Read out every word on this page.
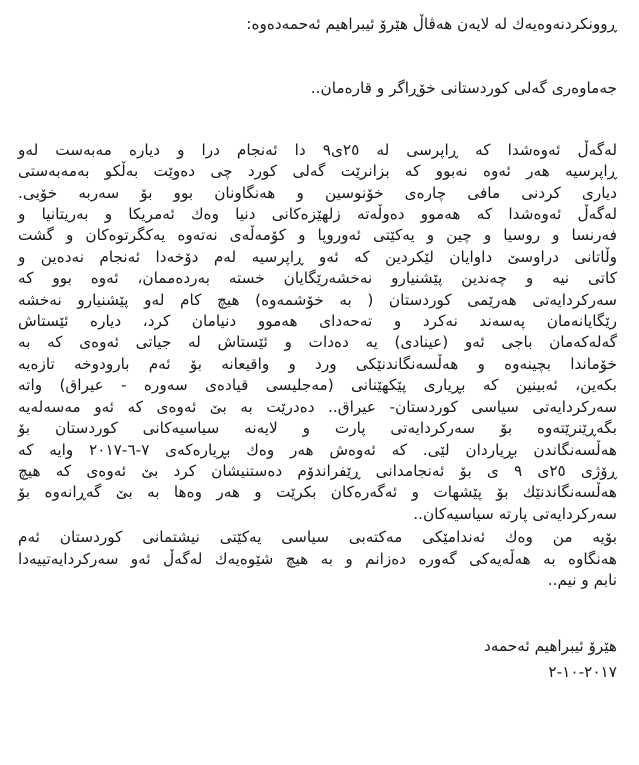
ڕوونکردنەوەیەك لە لایەن هەڤاڵ هێرۆ ئیبراهیم ئەحمەدەوە:
جەماوەری گەلی کوردستانی خۆڕاگر و قارەمان..
لەگەڵ ئەوەشدا کە ڕاپرسی لە ٢٥ی٩ دا ئەنجام درا و دیارە مەبەست لەو
ڕاپرسیە هەر ئەوە نەبوو کە بزانرێت گەلی کورد چی دەوێت بەڵکو بەمەبەستی
دیاری کردنی مافی چارەی خۆنوسین و هەنگاونان بوو بۆ سەربە خۆیی.
لەگەڵ ئەوەشدا کە هەموو دەوڵەتە زلهێزەکانی دنیا وەك ئەمریکا و بەریتانیا و
فەرنسا و روسیا و چین و یەکێتی ئەوروپا و کۆمەڵەی نەتەوە یەکگرتوەکان و گشت
وڵاتانی دراوسێ داوایان لێکردین کە ئەو ڕاپرسیە لەم دۆخەدا ئەنجام نەدەین و
کاتی نیە و چەندین پێشنیارو نەخشەرێگایان خستە بەردەممان، ئەوە بوو کە
سەرکردایەتی هەرێمی کوردستان ( بە خۆشمەوە) هیچ کام لەو پێشنیارو نەخشە
رێگایانەمان پەسەند نەکرد و تەحەدای هەموو دنیامان کرد، دیارە ئێستاش
گەلەکەمان باجی ئەو (عینادی) یە دەدات و ئێستاش لە جیاتی ئەوەی کە بە
خۆماندا بچینەوە و هەڵسەنگاندنێکی ورد و واقیعانە بۆ ئەم بارودوخە تازەیە
بکەین، ئەبینین کە بڕیاری پێکهێنانی (مەجلیسی قیادەی سەورە - عیراق) واتە
سەرکردایەتی سیاسی کوردستان- عیراق.. دەدرێت بە بێ ئەوەی کە ئەو مەسەلەیە
بگەڕێنرێتەوە بۆ سەرکردایەتی پارت و لایەنە سیاسیەکانی کوردستان بۆ
هەڵسەنگاندن بڕیاردان لێی. کە ئەوەش هەر وەك بڕیارەکەی ٧-٦-٢٠١٧ وایە کە
ڕۆژی ٢٥ی ٩ ی بۆ ئەنجامدانی ڕێفراندۆم دەستنیشان کرد بێ ئەوەی کە هیچ
هەڵسەنگاندنێك بۆ پێشهات و ئەگەرەکان بکرێت و هەر وەها بە بێ گەڕانەوە بۆ
سەرکردایەتی پارتە سیاسیەکان..
بۆیە من وەك ئەندامێکی مەکتەبی سیاسی یەکێتی نیشتمانی کوردستان ئەم
هەنگاوە بە هەڵەیەکی گەورە دەزانم و بە هیچ شێوەیەك لەگەڵ ئەو سەرکردایەتییەدا
نابم و نیم..
هێرۆ ئیبراهیم ئەحمەد
٢٠١٧-١٠-٢
